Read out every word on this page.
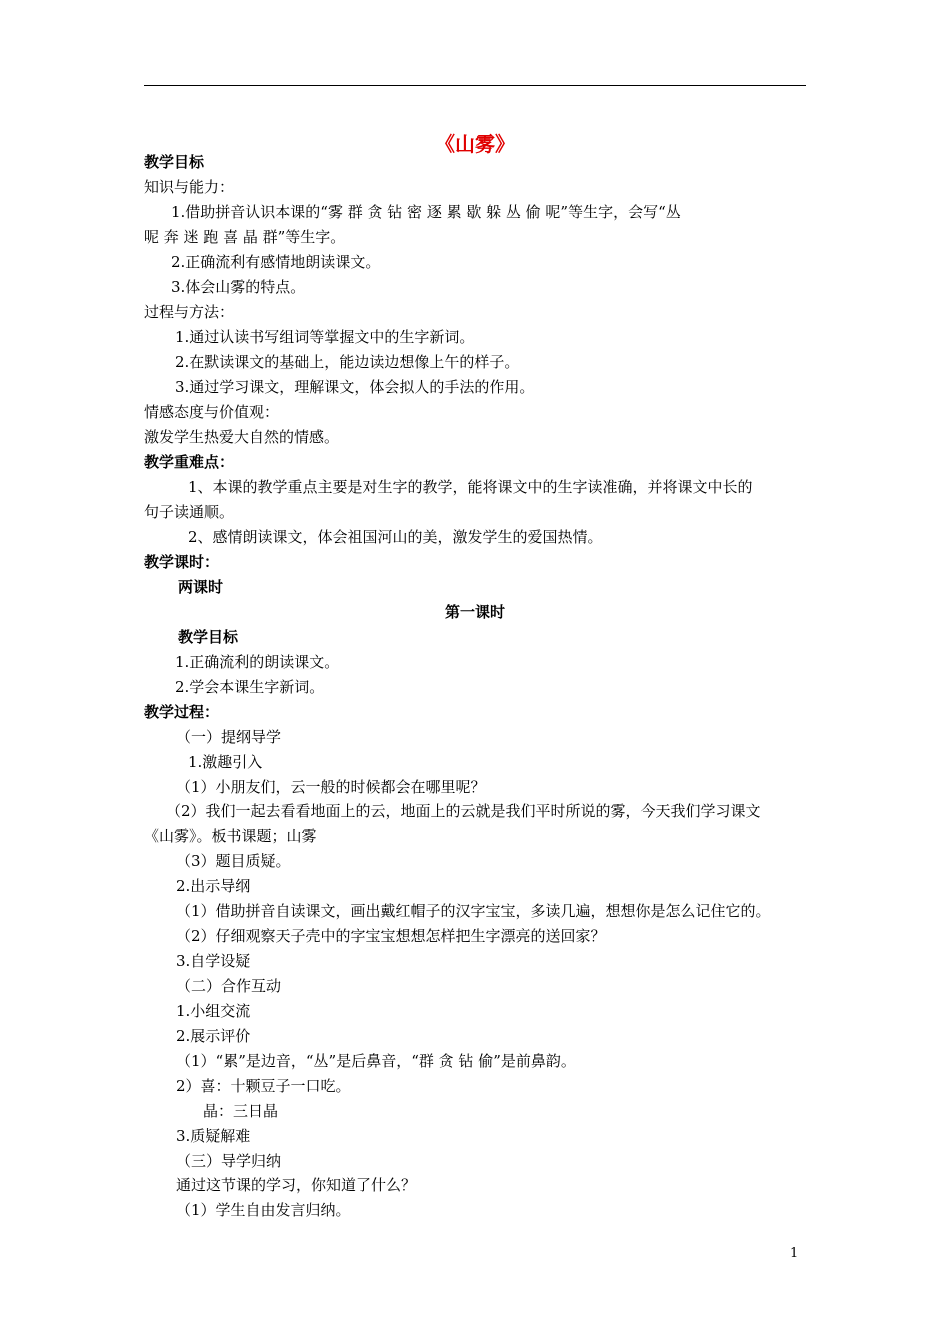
《山雾》
教学目标
知识与能力：
1.借助拼音认识本课的“雾 群 贪 钻 密 逐 累 歇 躲 丛 偷 呢”等生字，会写“丛
呢 奔 迷 跑 喜 晶 群”等生字。
2.正确流利有感情地朗读课文。
3.体会山雾的特点。
过程与方法：
1.通过认读书写组词等掌握文中的生字新词。
2.在默读课文的基础上，能边读边想像上午的样子。
3.通过学习课文，理解课文，体会拟人的手法的作用。
情感态度与价值观：
激发学生热爱大自然的情感。
教学重难点：
1、本课的教学重点主要是对生字的教学，能将课文中的生字读准确，并将课文中长的
句子读通顺。
2、感情朗读课文，体会祖国河山的美，激发学生的爱国热情。
教学课时：
两课时
第一课时
教学目标
1.正确流利的朗读课文。
2.学会本课生字新词。
教学过程：
（一）提纲导学
1.激趣引入
（1）小朋友们，云一般的时候都会在哪里呢？
（2）我们一起去看看地面上的云，地面上的云就是我们平时所说的雾，今天我们学习课文
《山雾》。板书课题；山雾
（3）题目质疑。
2.出示导纲
（1）借助拼音自读课文，画出戴红帽子的汉字宝宝，多读几遍，想想你是怎么记住它的。
（2）仔细观察天子壳中的字宝宝想想怎样把生字漂亮的送回家？
3.自学设疑
（二）合作互动
1.小组交流
2.展示评价
（1）“累”是边音，“丛”是后鼻音，“群 贪 钻 偷”是前鼻韵。
2）喜：十颗豆子一口吃。
晶：三日晶
3.质疑解难
（三）导学归纳
通过这节课的学习，你知道了什么？
（1）学生自由发言归纳。
1
